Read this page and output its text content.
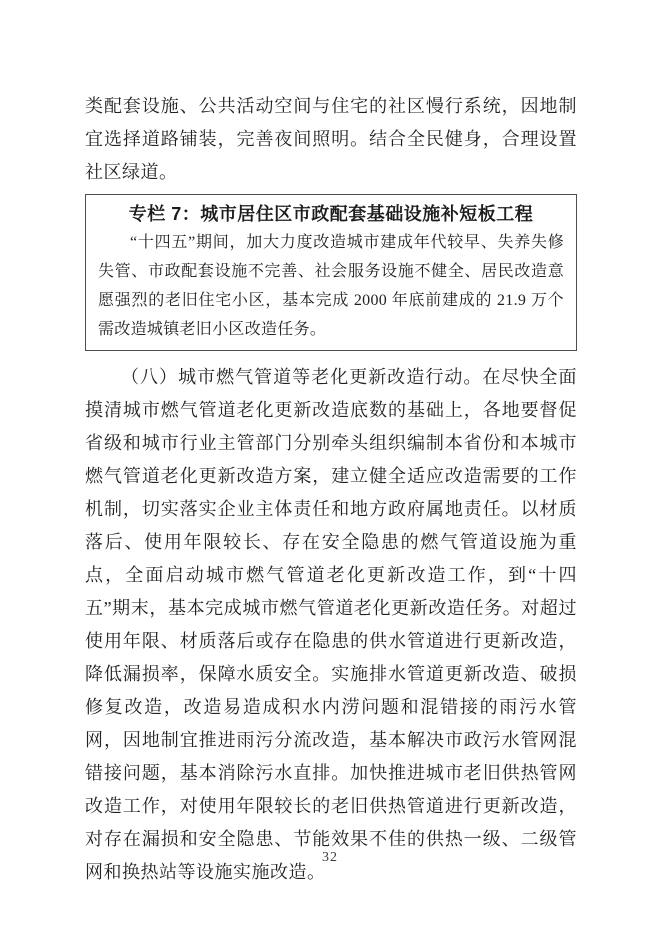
类配套设施、公共活动空间与住宅的社区慢行系统，因地制宜选择道路铺装，完善夜间照明。结合全民健身，合理设置社区绿道。

专栏 7：城市居住区市政配套基础设施补短板工程
“十四五”期间，加大力度改造城市建成年代较早、失养失修失管、市政配套设施不完善、社会服务设施不健全、居民改造意愿强烈的老旧住宅小区，基本完成 2000 年底前建成的 21.9 万个需改造城镇老旧小区改造任务。

（八）城市燃气管道等老化更新改造行动。在尽快全面摸清城市燃气管道老化更新改造底数的基础上，各地要督促省级和城市行业主管部门分别牵头组织编制本省份和本城市燃气管道老化更新改造方案，建立健全适应改造需要的工作机制，切实落实企业主体责任和地方政府属地责任。以材质落后、使用年限较长、存在安全隐患的燃气管道设施为重点，全面启动城市燃气管道老化更新改造工作，到“十四五”期末，基本完成城市燃气管道老化更新改造任务。对超过使用年限、材质落后或存在隐患的供水管道进行更新改造，降低漏损率，保障水质安全。实施排水管道更新改造、破损修复改造，改造易造成积水内涝问题和混错接的雨污水管网，因地制宜推进雨污分流改造，基本解决市政污水管网混错接问题，基本消除污水直排。加快推进城市老旧供热管网改造工作，对使用年限较长的老旧供热管道进行更新改造，对存在漏损和安全隐患、节能效果不佳的供热一级、二级管网和换热站等设施实施改造。

32
